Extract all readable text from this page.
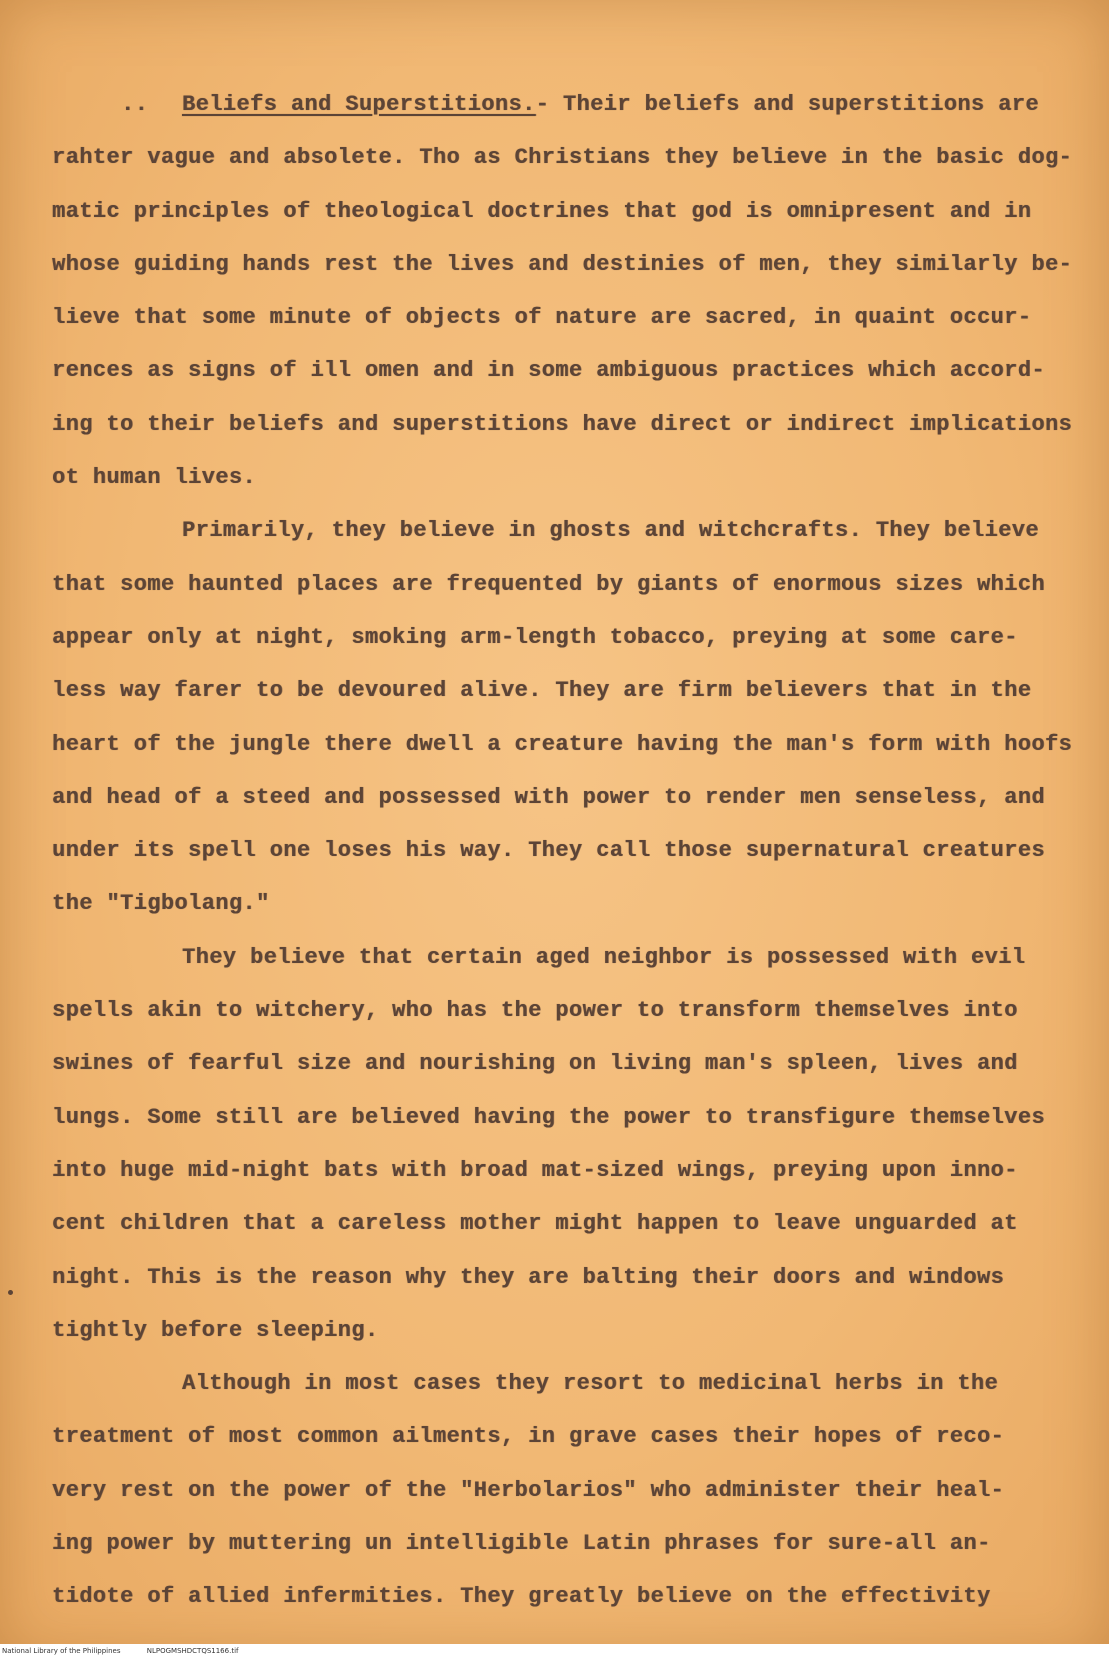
.. Beliefs and Superstitions.- Their beliefs and superstitions are
rahter vague and absolete. Tho as Christians they believe in the basic dog-
matic principles of theological doctrines that god is omnipresent and in
whose guiding hands rest the lives and destinies of men, they similarly be-
lieve that some minute of objects of nature are sacred, in quaint occur-
rences as signs of ill omen and in some ambiguous practices which accord-
ing to their beliefs and superstitions have direct or indirect implications
ot human lives.
Primarily, they believe in ghosts and witchcrafts. They believe
that some haunted places are frequented by giants of enormous sizes which
appear only at night, smoking arm-length tobacco, preying at some care-
less way farer to be devoured alive. They are firm believers that in the
heart of the jungle there dwell a creature having the man's form with hoofs
and head of a steed and possessed with power to render men senseless, and
under its spell one loses his way. They call those supernatural creatures
the "Tigbolang."
They believe that certain aged neighbor is possessed with evil
spells akin to witchery, who has the power to transform themselves into
swines of fearful size and nourishing on living man's spleen, lives and
lungs. Some still are believed having the power to transfigure themselves
into huge mid-night bats with broad mat-sized wings, preying upon inno-
cent children that a careless mother might happen to leave unguarded at
night. This is the reason why they are balting their doors and windows
tightly before sleeping.
Although in most cases they resort to medicinal herbs in the
treatment of most common ailments, in grave cases their hopes of reco-
very rest on the power of the "Herbolarios" who administer their heal-
ing power by muttering un intelligible Latin phrases for sure-all an-
tidote of allied infermities. They greatly believe on the effectivity
National Library of the Philippines	NLPOGMSHDCTQS1166.tif
